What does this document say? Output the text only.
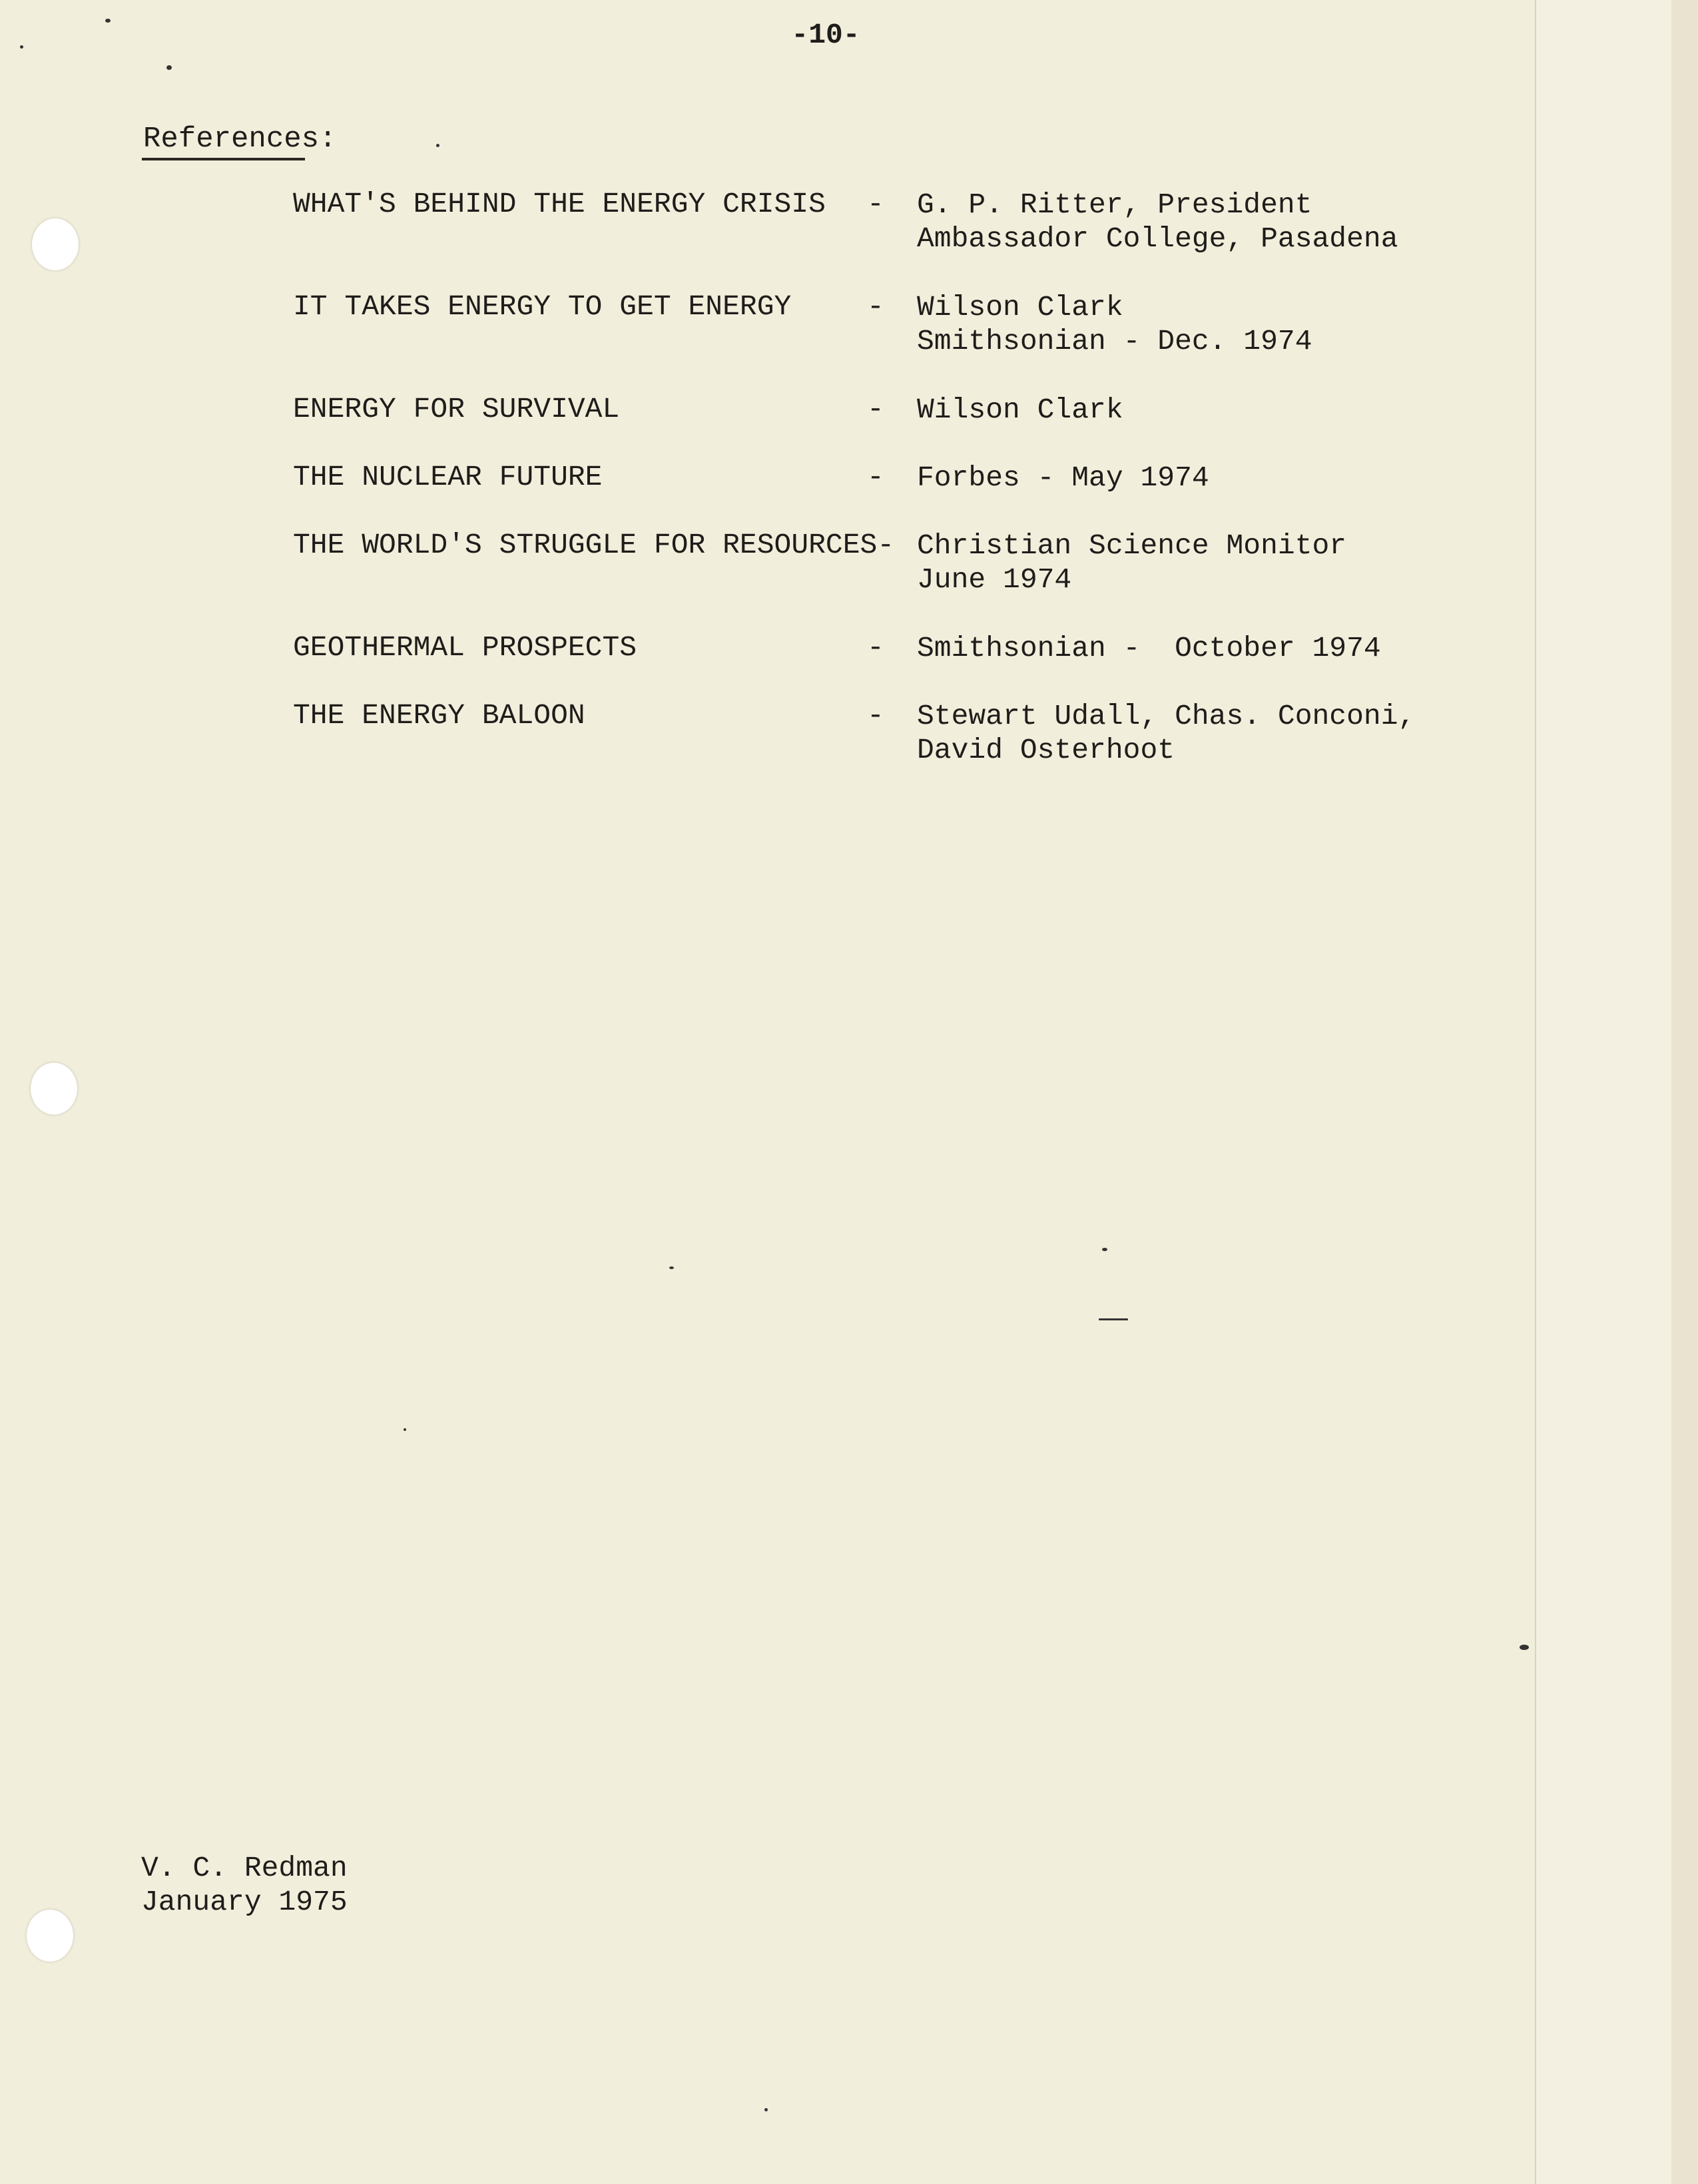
-10-
References:
WHAT'S BEHIND THE ENERGY CRISIS - G. P. Ritter, President
Ambassador College, Pasadena
IT TAKES ENERGY TO GET ENERGY	- Wilson Clark
Smithsonian - Dec. 1974
ENERGY FOR SURVIVAL	- Wilson Clark
THE NUCLEAR FUTURE	- Forbes - May 1974
THE WORLD'S STRUGGLE FOR RESOURCES- Christian Science Monitor
June 1974
GEOTHERMAL PROSPECTS	- Smithsonian -  October 1974
THE ENERGY BALOON	- Stewart Udall, Chas. Conconi,
David Osterhoot
V. C. Redman
January 1975
